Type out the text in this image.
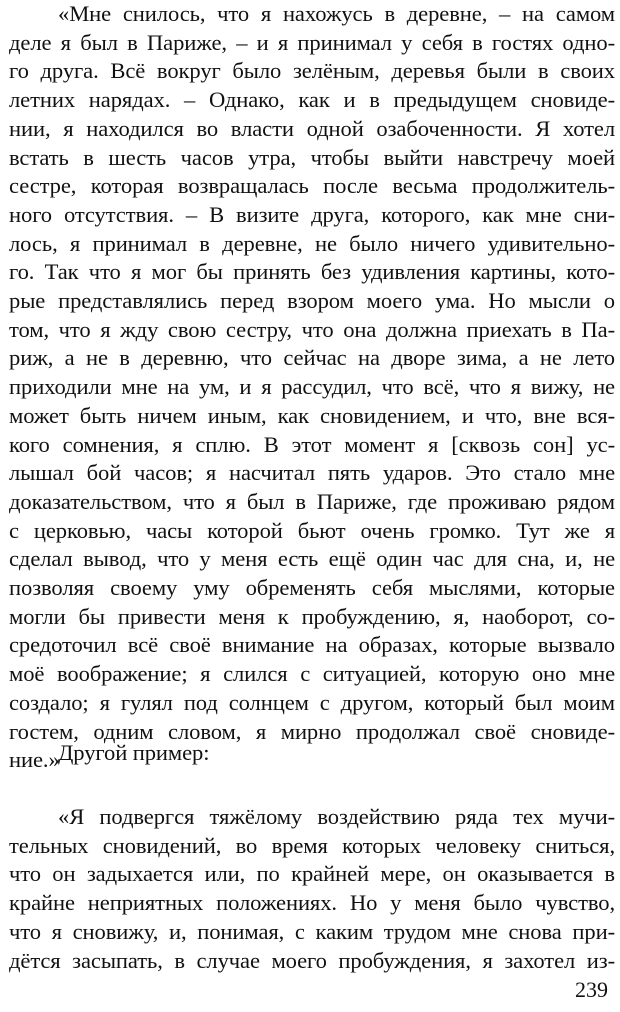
«Мне снилось, что я нахожусь в деревне, – на самом
деле я был в Париже, – и я принимал у себя в гостях одно-
го друга. Всё вокруг было зелёным, деревья были в своих
летних нарядах. – Однако, как и в предыдущем сновиде-
нии, я находился во власти одной озабоченности. Я хотел
встать в шесть часов утра, чтобы выйти навстречу моей
сестре, которая возвращалась после весьма продолжитель-
ного отсутствия. – В визите друга, которого, как мне сни-
лось, я принимал в деревне, не было ничего удивительно-
го. Так что я мог бы принять без удивления картины, кото-
рые представлялись перед взором моего ума. Но мысли о
том, что я жду свою сестру, что она должна приехать в Па-
риж, а не в деревню, что сейчас на дворе зима, а не лето
приходили мне на ум, и я рассудил, что всё, что я вижу, не
может быть ничем иным, как сновидением, и что, вне вся-
кого сомнения, я сплю. В этот момент я [сквозь сон] ус-
лышал бой часов; я насчитал пять ударов. Это стало мне
доказательством, что я был в Париже, где проживаю рядом
с церковью, часы которой бьют очень громко. Тут же я
сделал вывод, что у меня есть ещё один час для сна, и, не
позволяя своему уму обременять себя мыслями, которые
могли бы привести меня к пробуждению, я, наоборот, со-
средоточил всё своё внимание на образах, которые вызвало
моё воображение; я слился с ситуацией, которую оно мне
создало; я гулял под солнцем с другом, который был моим
гостем, одним словом, я мирно продолжал своё сновиде-
ние.»
Другой пример:
«Я подвергся тяжёлому воздействию ряда тех мучи-
тельных сновидений, во время которых человеку сниться,
что он задыхается или, по крайней мере, он оказывается в
крайне неприятных положениях. Но у меня было чувство,
что я сновижу, и, понимая, с каким трудом мне снова при-
дётся засыпать, в случае моего пробуждения, я захотел из-
239
